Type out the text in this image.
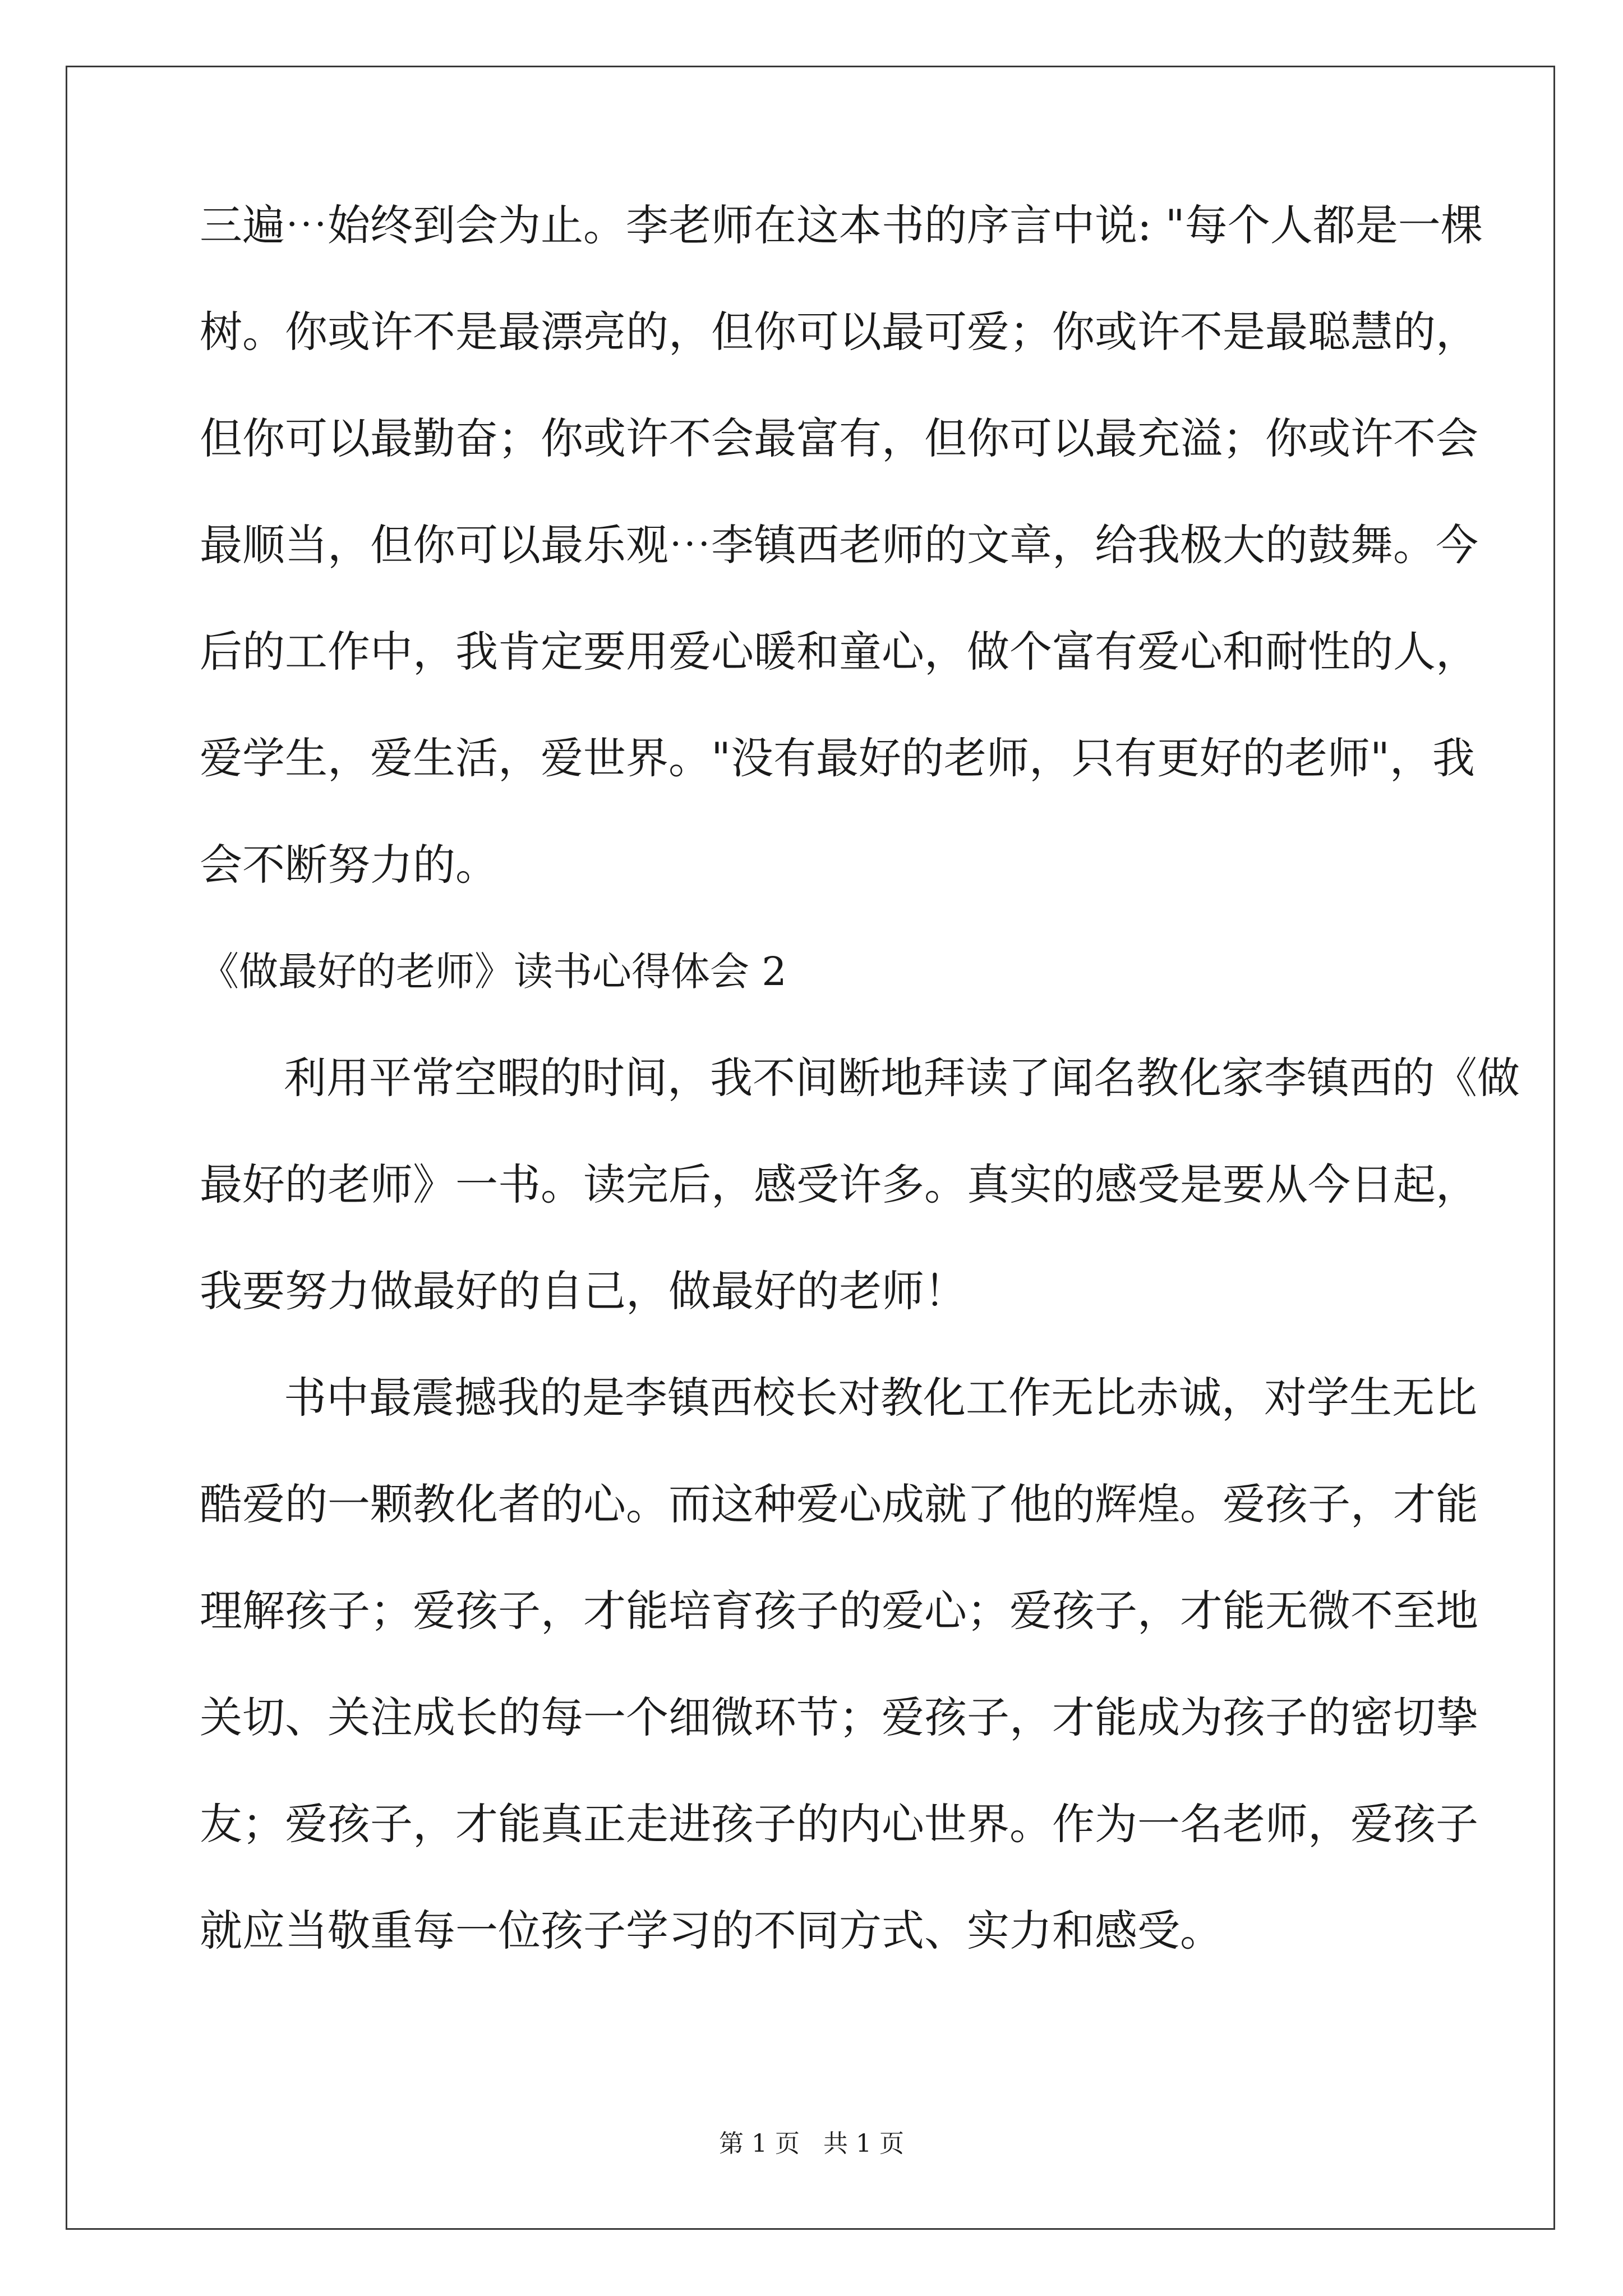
三遍⋯始终到会为止。李老师在这本书的序言中说: "每个人都是一棵
树。你或许不是最漂亮的，但你可以最可爱；你或许不是最聪慧的，
但你可以最勤奋；你或许不会最富有，但你可以最充溢；你或许不会
最顺当，但你可以最乐观⋯李镇西老师的文章，给我极大的鼓舞。今
后的工作中，我肯定要用爱心暖和童心，做个富有爱心和耐性的人，
爱学生，爱生活，爱世界。"没有最好的老师，只有更好的老师"，我
会不断努力的。
《做最好的老师》读书心得体会 2
利用平常空暇的时间，我不间断地拜读了闻名教化家李镇西的《做
最好的老师》一书。读完后，感受许多。真实的感受是要从今日起，
我要努力做最好的自己，做最好的老师！
书中最震撼我的是李镇西校长对教化工作无比赤诚，对学生无比
酷爱的一颗教化者的心。而这种爱心成就了他的辉煌。爱孩子，才能
理解孩子；爱孩子，才能培育孩子的爱心；爱孩子，才能无微不至地
关切、关注成长的每一个细微环节；爱孩子，才能成为孩子的密切挚
友；爱孩子，才能真正走进孩子的内心世界。作为一名老师，爱孩子
就应当敬重每一位孩子学习的不同方式、实力和感受。
第 1 页   共 1 页
